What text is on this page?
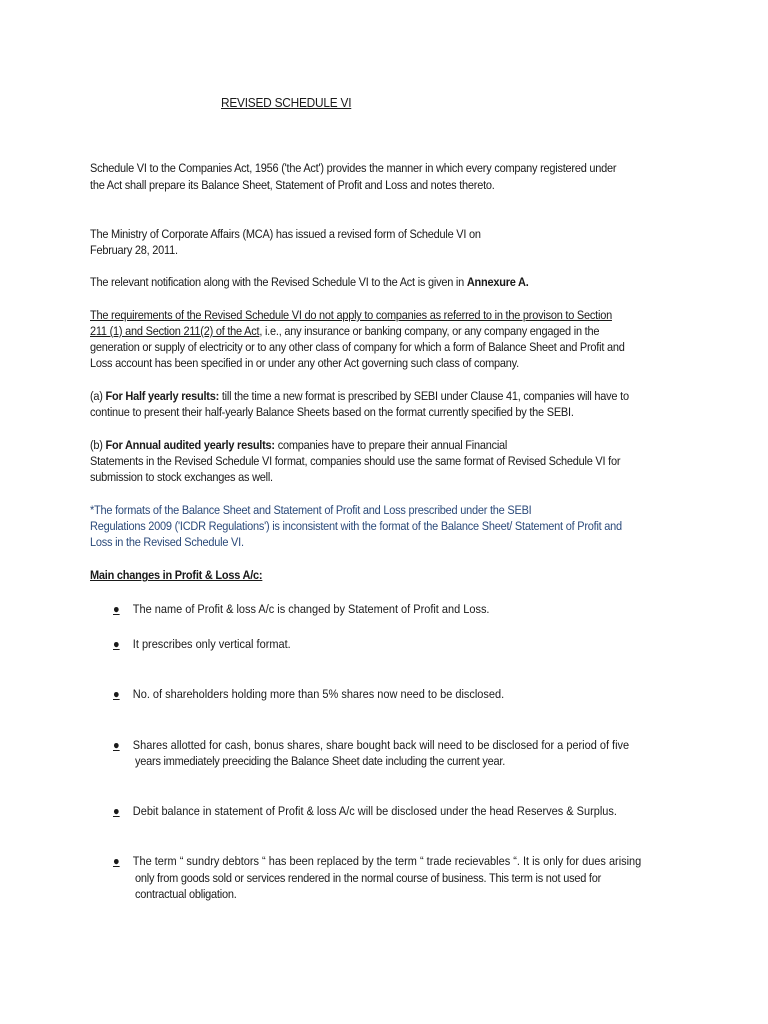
REVISED SCHEDULE VI
Schedule VI to the Companies Act, 1956 ('the Act') provides the manner in which every company registered under
the Act shall prepare its Balance Sheet, Statement of Profit and Loss and notes thereto.
The Ministry of Corporate Affairs (MCA) has issued a revised form of Schedule VI on
February 28, 2011.
The relevant notification along with the Revised Schedule VI to the Act is given in Annexure A.
The requirements of the Revised Schedule VI do not apply to companies as referred to in the provison to Section
211 (1) and Section 211(2) of the Act, i.e., any insurance or banking company, or any company engaged in the
generation or supply of electricity or to any other class of company for which a form of Balance Sheet and Profit and
Loss account has been specified in or under any other Act governing such class of company.
(a) For Half yearly results: till the time a new format is prescribed by SEBI under Clause 41, companies will have to
continue to present their half-yearly Balance Sheets based on the format currently specified by the SEBI.
(b) For Annual audited yearly results: companies have to prepare their annual Financial
Statements in the Revised Schedule VI format, companies should use the same format of Revised Schedule VI for
submission to stock exchanges as well.
*The formats of the Balance Sheet and Statement of Profit and Loss prescribed under the SEBI
Regulations 2009 ('ICDR Regulations') is inconsistent with the format of the Balance Sheet/ Statement of Profit and
Loss in the Revised Schedule VI.
Main changes in Profit & Loss A/c:
● The name of Profit & loss A/c is changed by Statement of Profit and Loss.
● It prescribes only vertical format.
● No. of shareholders holding more than 5% shares now need to be disclosed.
● Shares allotted for cash, bonus shares, share bought back will need to be disclosed for a period of five
years immediately preeciding the Balance Sheet date including the current year.
● Debit balance in statement of Profit & loss A/c will be disclosed under the head Reserves & Surplus.
● The term “ sundry debtors “ has been replaced by the term “ trade recievables “. It is only for dues arising
only from goods sold or services rendered in the normal course of business. This term is not used for
contractual obligation.
